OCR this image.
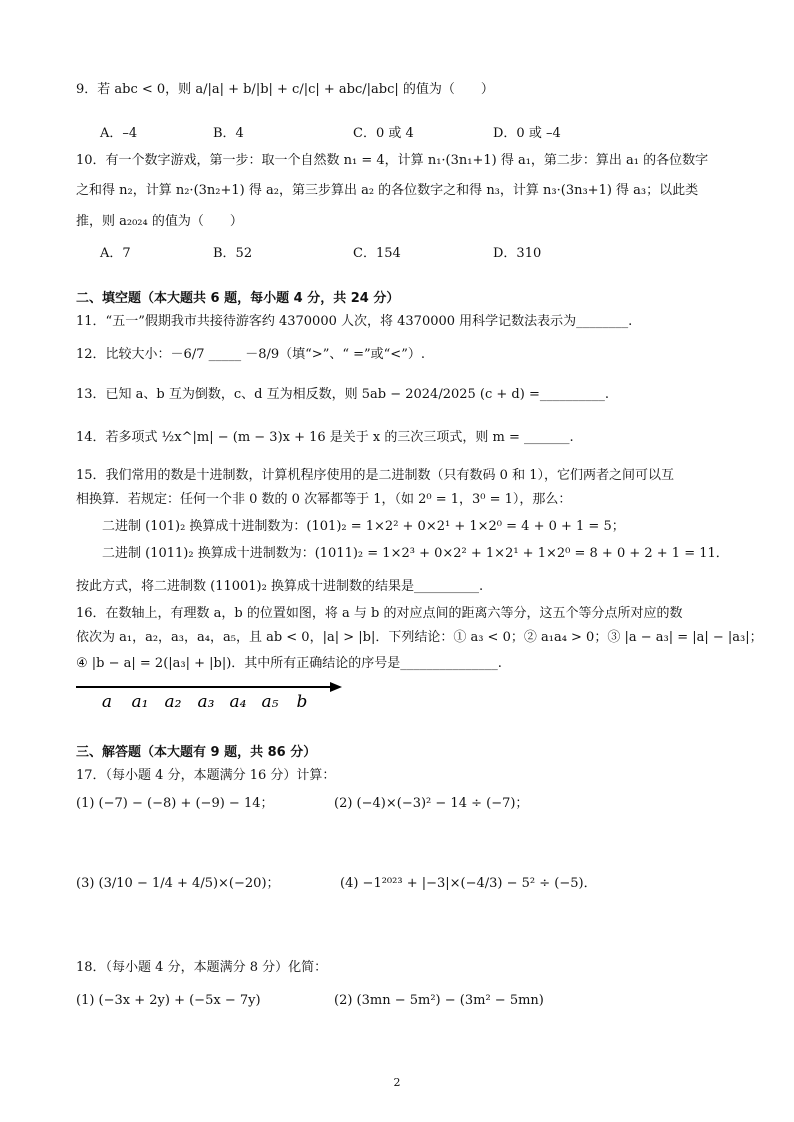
9．若 abc < 0，则 a/|a| + b/|b| + c/|c| + abc/|abc| 的值为（　　）
A．–4	B．4	C．0 或 4	D．0 或 –4
10．有一个数字游戏，第一步：取一个自然数 n₁ = 4，计算 n₁·(3n₁+1) 得 a₁，第二步：算出 a₁ 的各位数字
之和得 n₂，计算 n₂·(3n₂+1) 得 a₂，第三步算出 a₂ 的各位数字之和得 n₃，计算 n₃·(3n₃+1) 得 a₃；以此类
推，则 a₂₀₂₄ 的值为（　　）
A．7	B．52	C．154	D．310
二、填空题（本大题共 6 题，每小题 4 分，共 24 分）
11．“五一”假期我市共接待游客约 4370000 人次，将 4370000 用科学记数法表示为________.
12．比较大小：－6/7 _____ －8/9（填“>”、“ =”或“<”）.
13．已知 a、b 互为倒数，c、d 互为相反数，则 5ab − 2024/2025 (c + d) =__________.
14．若多项式 ½x^|m| − (m − 3)x + 16 是关于 x 的三次三项式，则 m = _______.
15．我们常用的数是十进制数，计算机程序使用的是二进制数（只有数码 0 和 1），它们两者之间可以互
相换算．若规定：任何一个非 0 数的 0 次幂都等于 1，（如 2⁰ = 1，3⁰ = 1），那么：
二进制 (101)₂ 换算成十进制数为：(101)₂ = 1×2² + 0×2¹ + 1×2⁰ = 4 + 0 + 1 = 5；
二进制 (1011)₂ 换算成十进制数为：(1011)₂ = 1×2³ + 0×2² + 1×2¹ + 1×2⁰ = 8 + 0 + 2 + 1 = 11．
按此方式，将二进制数 (11001)₂ 换算成十进制数的结果是__________.
16．在数轴上，有理数 a，b 的位置如图，将 a 与 b 的对应点间的距离六等分，这五个等分点所对应的数
依次为 a₁，a₂，a₃，a₄，a₅，且 ab < 0，|a| > |b|．下列结论：① a₃ < 0；② a₁a₄ > 0；③ |a − a₃| = |a| − |a₃|；
④ |b − a| = 2(|a₃| + |b|)．其中所有正确结论的序号是_______________.
a a₁ a₂ a₃ a₄ a₅ b
三、解答题（本大题有 9 题，共 86 分）
17．（每小题 4 分，本题满分 16 分）计算：
(1) (−7) − (−8) + (−9) − 14；	(2) (−4)×(−3)² − 14 ÷ (−7)；
(3) (3/10 − 1/4 + 4/5)×(−20)；	(4) −1²⁰²³ + |−3|×(−4/3) − 5² ÷ (−5)．
18．（每小题 4 分，本题满分 8 分）化简：
(1) (−3x + 2y) + (−5x − 7y)	(2) (3mn − 5m²) − (3m² − 5mn)
2
